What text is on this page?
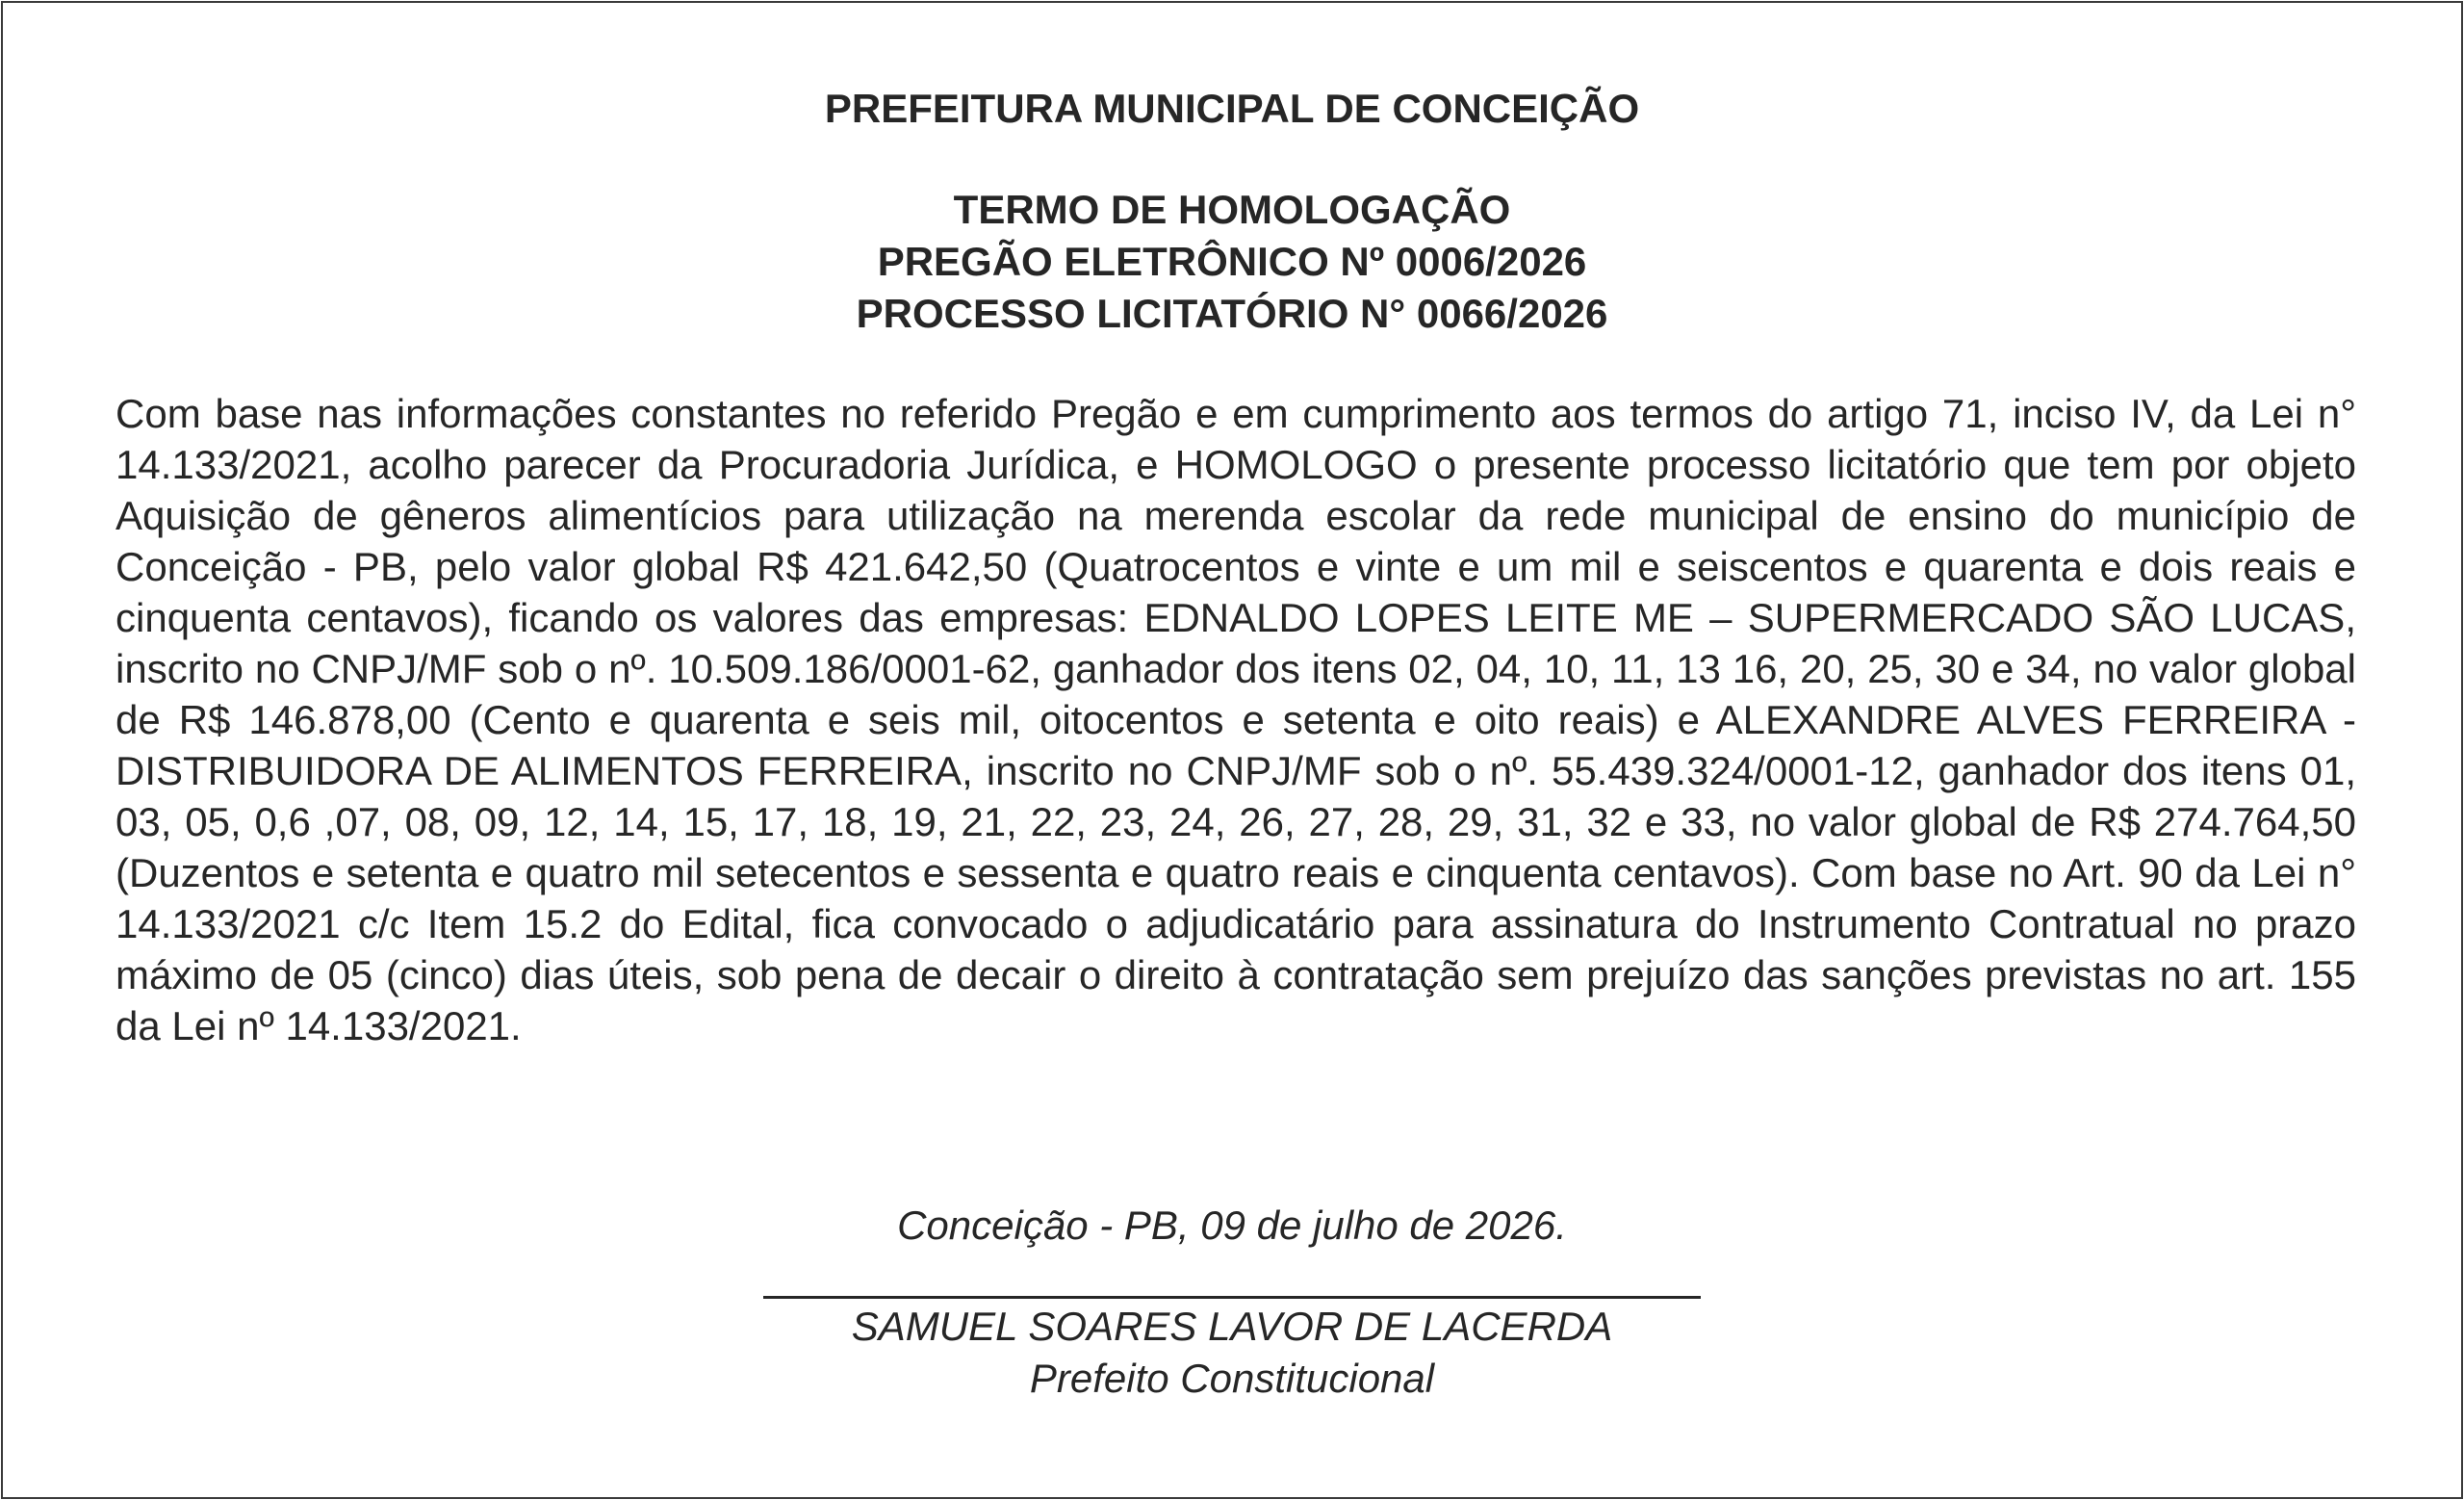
PREFEITURA MUNICIPAL DE CONCEIÇÃO
TERMO DE HOMOLOGAÇÃO
PREGÃO ELETRÔNICO Nº 0006/2026
PROCESSO LICITATÓRIO N° 0066/2026

Com base nas informações constantes no referido Pregão e em cumprimento aos termos do artigo 71, inciso IV, da Lei n° 14.133/2021, acolho parecer da Procuradoria Jurídica, e HOMOLOGO o presente processo licitatório que tem por objeto Aquisição de gêneros alimentícios para utilização na merenda escolar da rede municipal de ensino do município de Conceição - PB, pelo valor global R$ 421.642,50 (Quatrocentos e vinte e um mil e seiscentos e quarenta e dois reais e cinquenta centavos), ficando os valores das empresas: EDNALDO LOPES LEITE ME – SUPERMERCADO SÃO LUCAS, inscrito no CNPJ/MF sob o nº. 10.509.186/0001-62, ganhador dos itens 02, 04, 10, 11, 13 16, 20, 25, 30 e 34, no valor global de R$ 146.878,00 (Cento e quarenta e seis mil, oitocentos e setenta e oito reais) e ALEXANDRE ALVES FERREIRA - DISTRIBUIDORA DE ALIMENTOS FERREIRA, inscrito no CNPJ/MF sob o nº. 55.439.324/0001-12, ganhador dos itens 01, 03, 05, 0,6 ,07, 08, 09, 12, 14, 15, 17, 18, 19, 21, 22, 23, 24, 26, 27, 28, 29, 31, 32 e 33, no valor global de R$ 274.764,50 (Duzentos e setenta e quatro mil setecentos e sessenta e quatro reais e cinquenta centavos). Com base no Art. 90 da Lei n° 14.133/2021 c/c Item 15.2 do Edital, fica convocado o adjudicatário para assinatura do Instrumento Contratual no prazo máximo de 05 (cinco) dias úteis, sob pena de decair o direito à contratação sem prejuízo das sanções previstas no art. 155 da Lei nº 14.133/2021.

Conceição - PB, 09 de julho de 2026.

SAMUEL SOARES LAVOR DE LACERDA

Prefeito Constitucional
